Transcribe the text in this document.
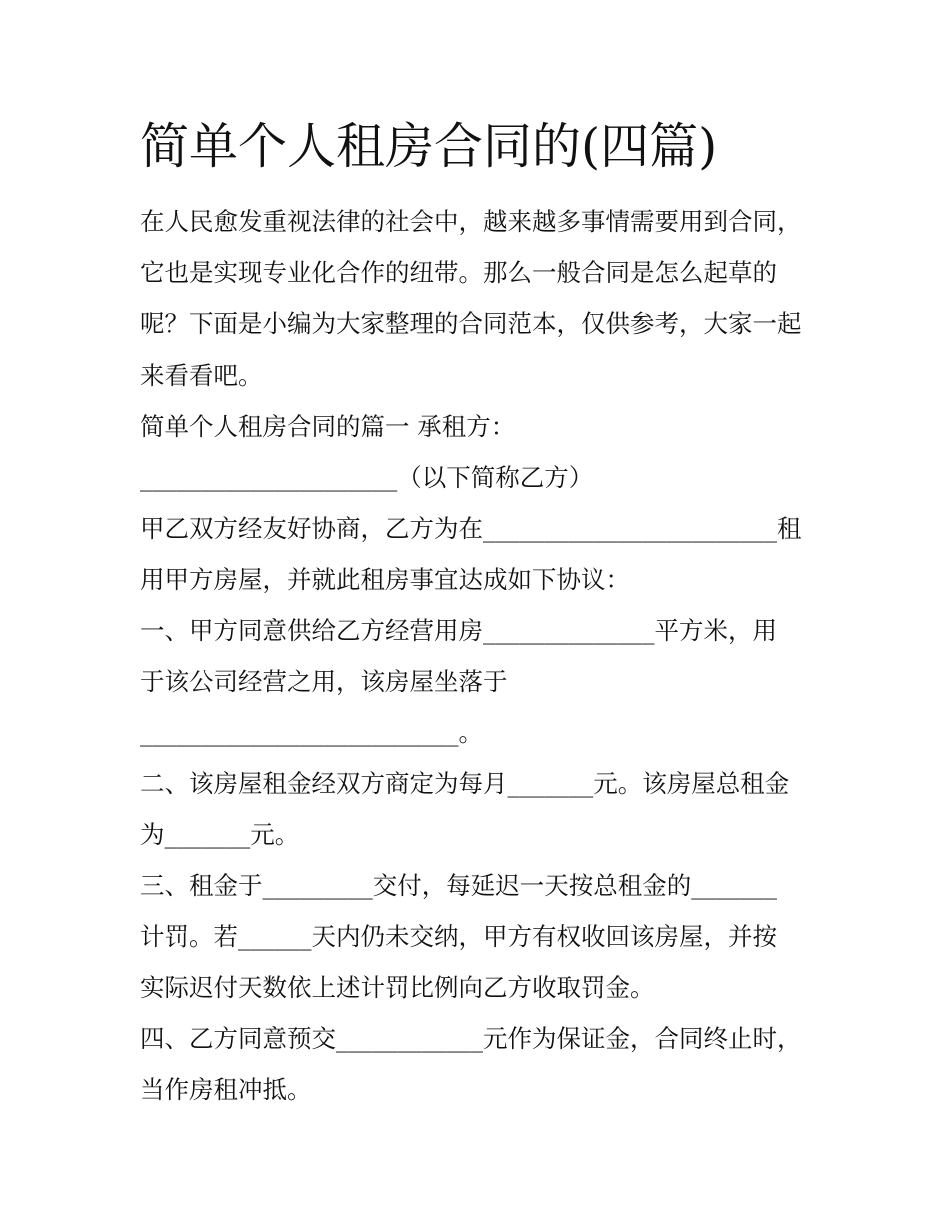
简单个人租房合同的(四篇)
在人民愈发重视法律的社会中，越来越多事情需要用到合同，
它也是实现专业化合作的纽带。那么一般合同是怎么起草的
呢？下面是小编为大家整理的合同范本，仅供参考，大家一起
来看看吧。
简单个人租房合同的篇一 承租方：
_____________________（以下简称乙方）
甲乙双方经友好协商，乙方为在________________________租
用甲方房屋，并就此租房事宜达成如下协议：
一、甲方同意供给乙方经营用房______________平方米，用
于该公司经营之用，该房屋坐落于
__________________________。
二、该房屋租金经双方商定为每月_______元。该房屋总租金
为_______元。
三、租金于_________交付，每延迟一天按总租金的_______
计罚。若______天内仍未交纳，甲方有权收回该房屋，并按
实际迟付天数依上述计罚比例向乙方收取罚金。
四、乙方同意预交____________元作为保证金，合同终止时，
当作房租冲抵。
